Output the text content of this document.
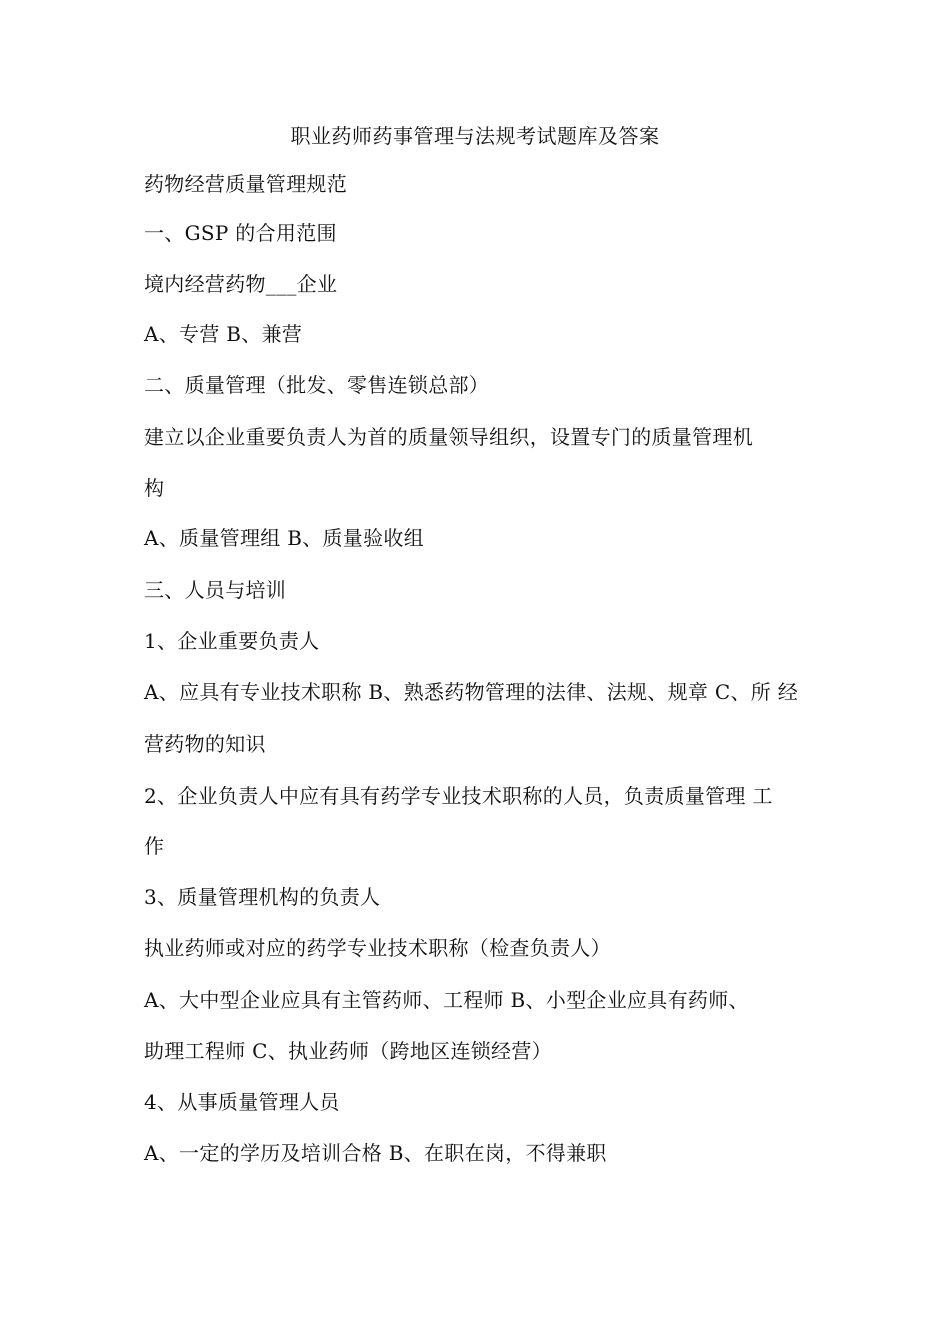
职业药师药事管理与法规考试题库及答案

药物经营质量管理规范

一、GSP 的合用范围

境内经营药物___企业

A、专营 B、兼营

二、质量管理（批发、零售连锁总部）

建立以企业重要负责人为首的质量领导组织，设置专门的质量管理机

构

A、质量管理组 B、质量验收组

三、人员与培训

1、企业重要负责人

A、应具有专业技术职称 B、熟悉药物管理的法律、法规、规章 C、所 经

营药物的知识

2、企业负责人中应有具有药学专业技术职称的人员，负责质量管理 工

作

3、质量管理机构的负责人

执业药师或对应的药学专业技术职称（检查负责人）

A、大中型企业应具有主管药师、工程师 B、小型企业应具有药师、

助理工程师 C、执业药师（跨地区连锁经营）

4、从事质量管理人员

A、一定的学历及培训合格 B、在职在岗，不得兼职
